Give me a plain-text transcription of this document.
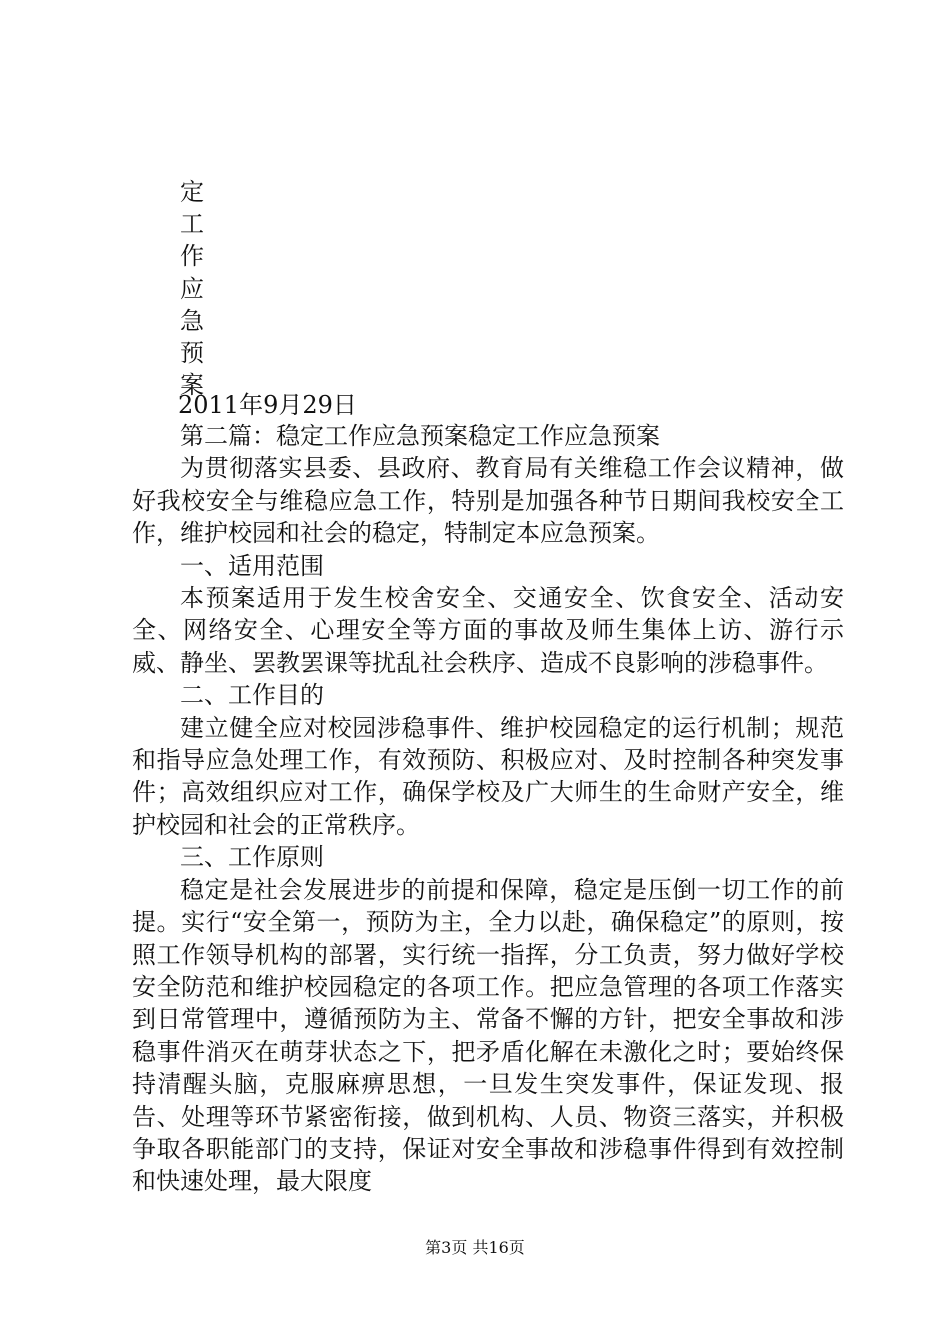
定
工
作
应
急
预
案
2011年9月29日

第二篇：稳定工作应急预案稳定工作应急预案

为贯彻落实县委、县政府、教育局有关维稳工作会议精神，做好我校安全与维稳应急工作，特别是加强各种节日期间我校安全工作，维护校园和社会的稳定，特制定本应急预案。

一、适用范围

本预案适用于发生校舍安全、交通安全、饮食安全、活动安全、网络安全、心理安全等方面的事故及师生集体上访、游行示威、静坐、罢教罢课等扰乱社会秩序、造成不良影响的涉稳事件。

二、工作目的

建立健全应对校园涉稳事件、维护校园稳定的运行机制；规范和指导应急处理工作，有效预防、积极应对、及时控制各种突发事件；高效组织应对工作，确保学校及广大师生的生命财产安全，维护校园和社会的正常秩序。

三、工作原则

稳定是社会发展进步的前提和保障，稳定是压倒一切工作的前提。实行“安全第一，预防为主，全力以赴，确保稳定”的原则，按照工作领导机构的部署，实行统一指挥，分工负责，努力做好学校安全防范和维护校园稳定的各项工作。把应急管理的各项工作落实到日常管理中，遵循预防为主、常备不懈的方针，把安全事故和涉稳事件消灭在萌芽状态之下，把矛盾化解在未激化之时；要始终保持清醒头脑，克服麻痹思想，一旦发生突发事件，保证发现、报告、处理等环节紧密衔接，做到机构、人员、物资三落实，并积极争取各职能部门的支持，保证对安全事故和涉稳事件得到有效控制和快速处理，最大限度

第3页 共16页
